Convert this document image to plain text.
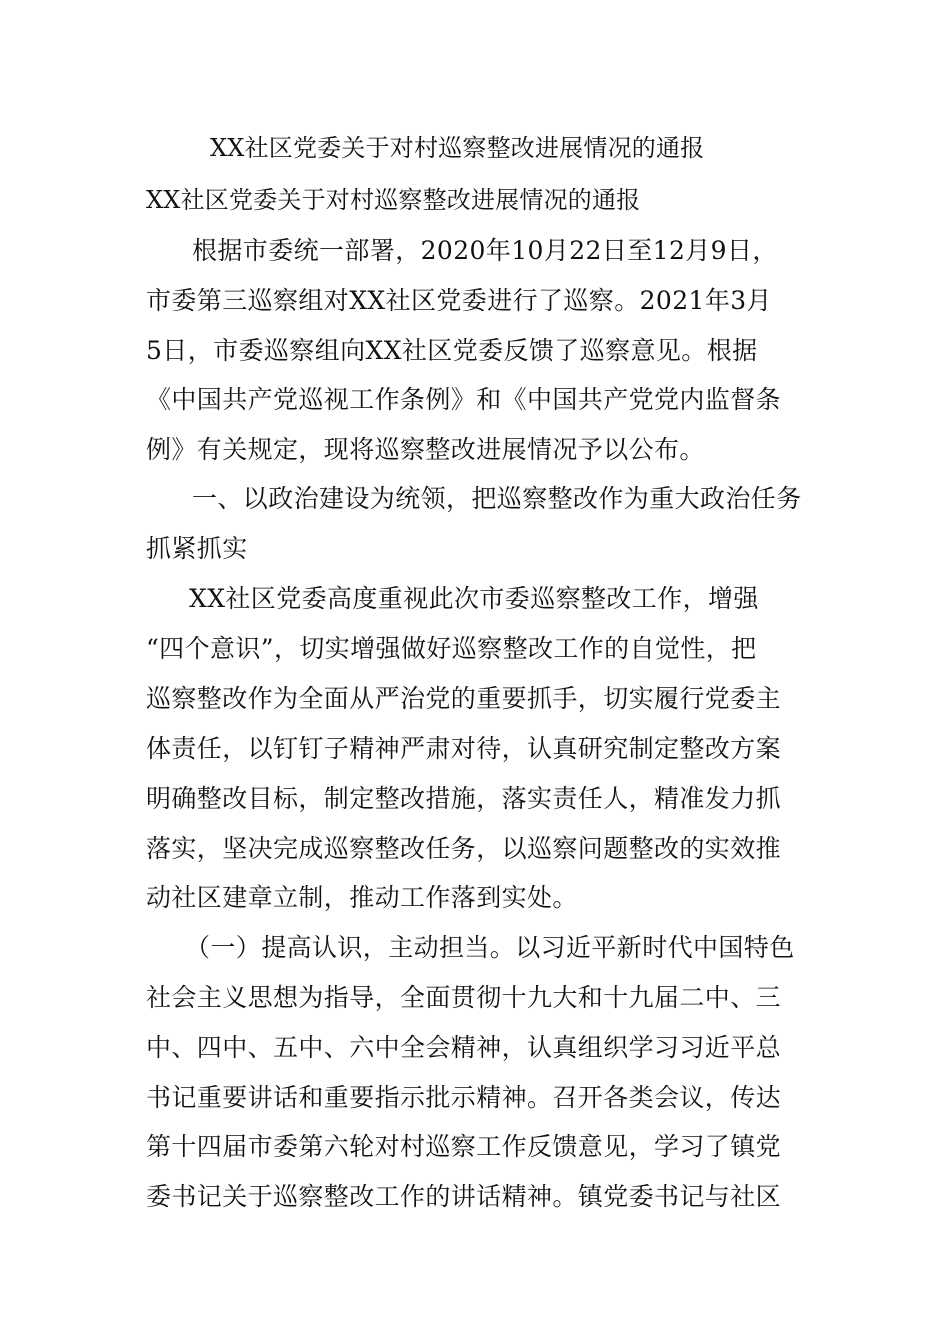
XX社区党委关于对村巡察整改进展情况的通报
XX社区党委关于对村巡察整改进展情况的通报
根据市委统一部署，2020年10月22日至12月9日，
市委第三巡察组对XX社区党委进行了巡察。2021年3月
5日，市委巡察组向XX社区党委反馈了巡察意见。根据
《中国共产党巡视工作条例》和《中国共产党党内监督条
例》有关规定，现将巡察整改进展情况予以公布。
一、以政治建设为统领，把巡察整改作为重大政治任务
抓紧抓实
XX社区党委高度重视此次市委巡察整改工作，增强
“四个意识”，切实增强做好巡察整改工作的自觉性，把
巡察整改作为全面从严治党的重要抓手，切实履行党委主
体责任，以钉钉子精神严肃对待，认真研究制定整改方案
明确整改目标，制定整改措施，落实责任人，精准发力抓
落实，坚决完成巡察整改任务，以巡察问题整改的实效推
动社区建章立制，推动工作落到实处。
（一）提高认识，主动担当。以习近平新时代中国特色
社会主义思想为指导，全面贯彻十九大和十九届二中、三
中、四中、五中、六中全会精神，认真组织学习习近平总
书记重要讲话和重要指示批示精神。召开各类会议，传达
第十四届市委第六轮对村巡察工作反馈意见，学习了镇党
委书记关于巡察整改工作的讲话精神。镇党委书记与社区
